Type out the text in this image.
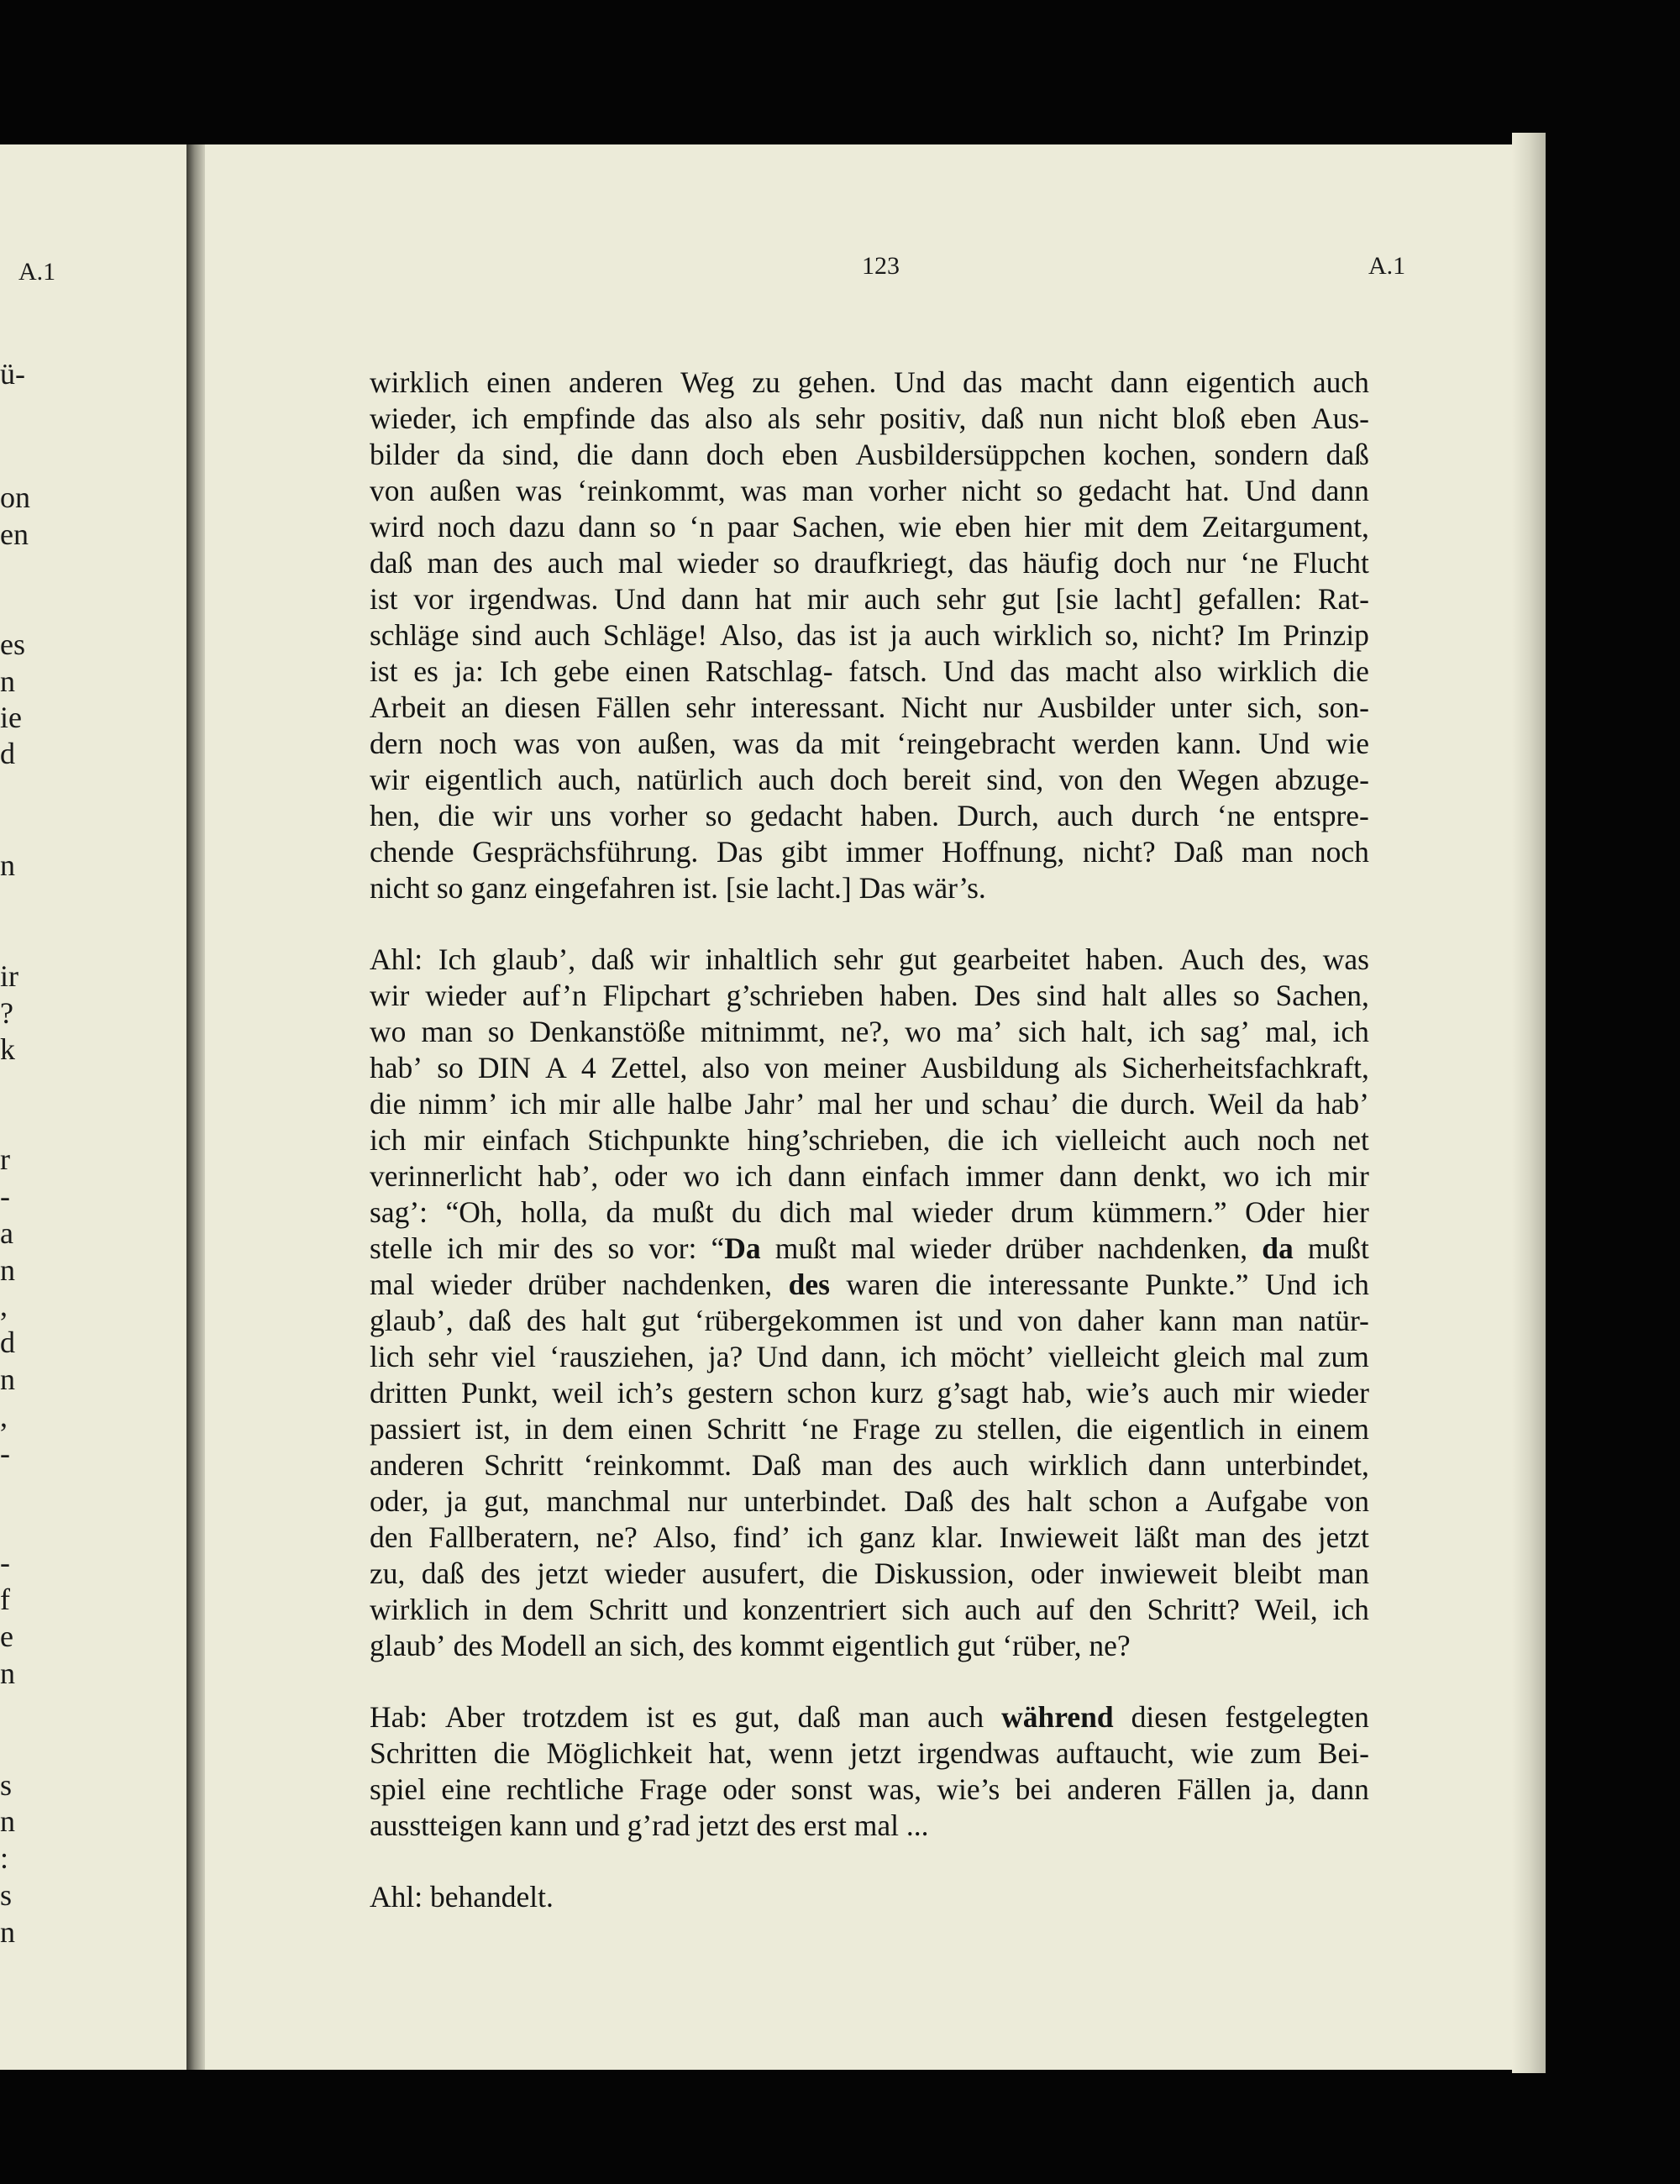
A.1
ü-
on
en
es
n
ie
d
n
ir
?
k
r
-
a
n
,
d
n
,
-
-
f
e
n
s
n
:
s
n
123	A.1
wirklich einen anderen Weg zu gehen. Und das macht dann eigentich auch
wieder, ich empfinde das also als sehr positiv, daß nun nicht bloß eben Aus-
bilder da sind, die dann doch eben Ausbildersüppchen kochen, sondern daß
von außen was ‘reinkommt, was man vorher nicht so gedacht hat. Und dann
wird noch dazu dann so ‘n paar Sachen, wie eben hier mit dem Zeitargument,
daß man des auch mal wieder so draufkriegt, das häufig doch nur ‘ne Flucht
ist vor irgendwas. Und dann hat mir auch sehr gut [sie lacht] gefallen: Rat-
schläge sind auch Schläge! Also, das ist ja auch wirklich so, nicht? Im Prinzip
ist es ja: Ich gebe einen Ratschlag- fatsch. Und das macht also wirklich die
Arbeit an diesen Fällen sehr interessant. Nicht nur Ausbilder unter sich, son-
dern noch was von außen, was da mit ‘reingebracht werden kann. Und wie
wir eigentlich auch, natürlich auch doch bereit sind, von den Wegen abzuge-
hen, die wir uns vorher so gedacht haben. Durch, auch durch ‘ne entspre-
chende Gesprächsführung. Das gibt immer Hoffnung, nicht? Daß man noch
nicht so ganz eingefahren ist. [sie lacht.] Das wär’s.
Ahl: Ich glaub’, daß wir inhaltlich sehr gut gearbeitet haben. Auch des, was
wir wieder auf’n Flipchart g’schrieben haben. Des sind halt alles so Sachen,
wo man so Denkanstöße mitnimmt, ne?, wo ma’ sich halt, ich sag’ mal, ich
hab’ so DIN A 4 Zettel, also von meiner Ausbildung als Sicherheitsfachkraft,
die nimm’ ich mir alle halbe Jahr’ mal her und schau’ die durch. Weil da hab’
ich mir einfach Stichpunkte hing’schrieben, die ich vielleicht auch noch net
verinnerlicht hab’, oder wo ich dann einfach immer dann denkt, wo ich mir
sag’: “Oh, holla, da mußt du dich mal wieder drum kümmern.” Oder hier
stelle ich mir des so vor: “Da mußt mal wieder drüber nachdenken, da mußt
mal wieder drüber nachdenken, des waren die interessante Punkte.” Und ich
glaub’, daß des halt gut ‘rübergekommen ist und von daher kann man natür-
lich sehr viel ‘rausziehen, ja? Und dann, ich möcht’ vielleicht gleich mal zum
dritten Punkt, weil ich’s gestern schon kurz g’sagt hab, wie’s auch mir wieder
passiert ist, in dem einen Schritt ‘ne Frage zu stellen, die eigentlich in einem
anderen Schritt ‘reinkommt. Daß man des auch wirklich dann unterbindet,
oder, ja gut, manchmal nur unterbindet. Daß des halt schon a Aufgabe von
den Fallberatern, ne? Also, find’ ich ganz klar. Inwieweit läßt man des jetzt
zu, daß des jetzt wieder ausufert, die Diskussion, oder inwieweit bleibt man
wirklich in dem Schritt und konzentriert sich auch auf den Schritt? Weil, ich
glaub’ des Modell an sich, des kommt eigentlich gut ‘rüber, ne?
Hab: Aber trotzdem ist es gut, daß man auch während diesen festgelegten
Schritten die Möglichkeit hat, wenn jetzt irgendwas auftaucht, wie zum Bei-
spiel eine rechtliche Frage oder sonst was, wie’s bei anderen Fällen ja, dann
ausstteigen kann und g’rad jetzt des erst mal ...
Ahl: behandelt.
